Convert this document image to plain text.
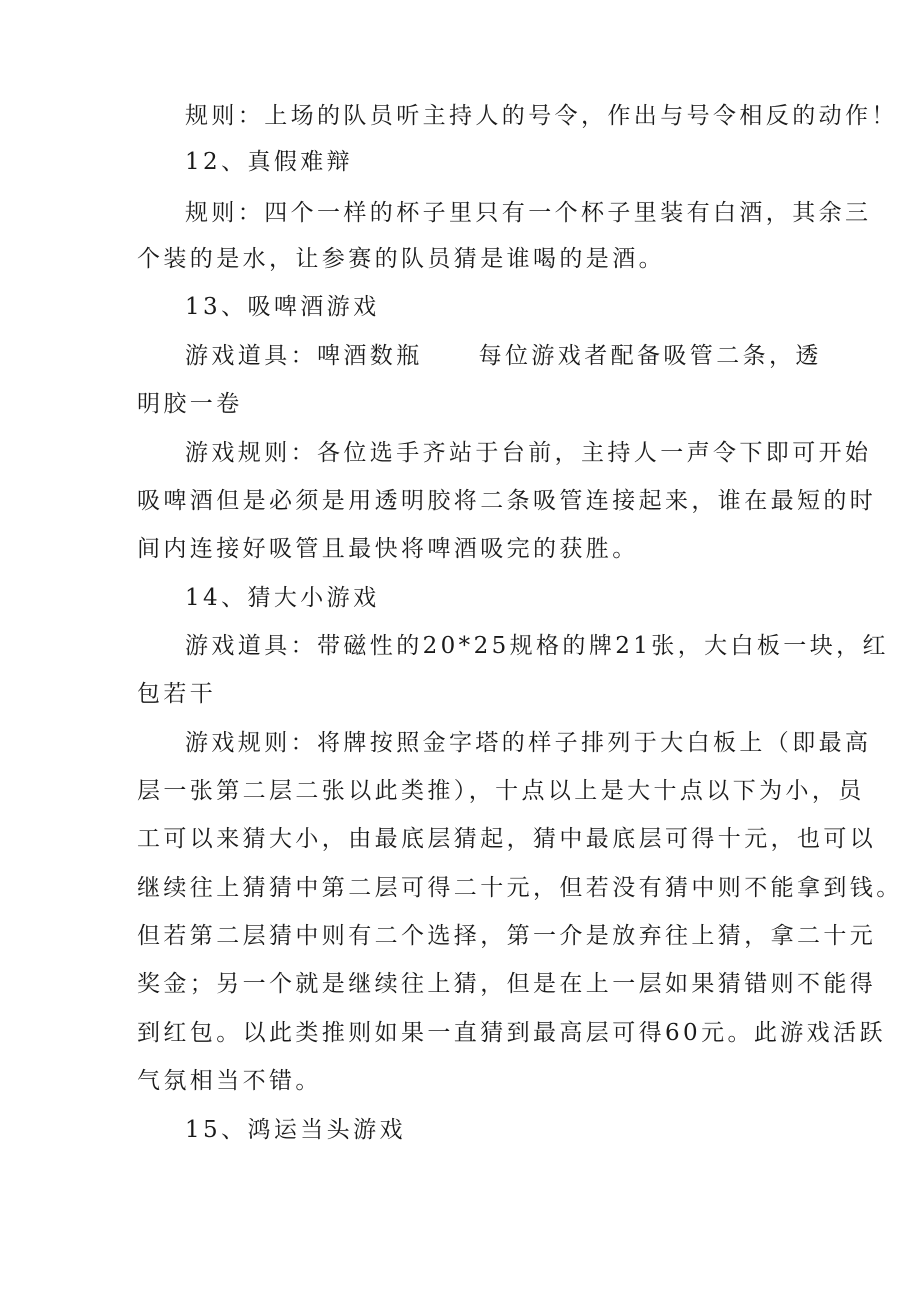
规则：上场的队员听主持人的号令，作出与号令相反的动作！
12、真假难辩
规则：四个一样的杯子里只有一个杯子里装有白酒，其余三
个装的是水，让参赛的队员猜是谁喝的是酒。
13、吸啤酒游戏
游戏道具：啤酒数瓶 每位游戏者配备吸管二条，透
明胶一卷
游戏规则：各位选手齐站于台前，主持人一声令下即可开始
吸啤酒但是必须是用透明胶将二条吸管连接起来，谁在最短的时
间内连接好吸管且最快将啤酒吸完的获胜。
14、猜大小游戏
游戏道具：带磁性的20*25规格的牌21张，大白板一块，红
包若干
游戏规则：将牌按照金字塔的样子排列于大白板上（即最高
层一张第二层二张以此类推），十点以上是大十点以下为小，员
工可以来猜大小，由最底层猜起，猜中最底层可得十元，也可以
继续往上猜猜中第二层可得二十元，但若没有猜中则不能拿到钱。
但若第二层猜中则有二个选择，第一介是放弃往上猜，拿二十元
奖金；另一个就是继续往上猜，但是在上一层如果猜错则不能得
到红包。以此类推则如果一直猜到最高层可得60元。此游戏活跃
气氛相当不错。
15、鸿运当头游戏
